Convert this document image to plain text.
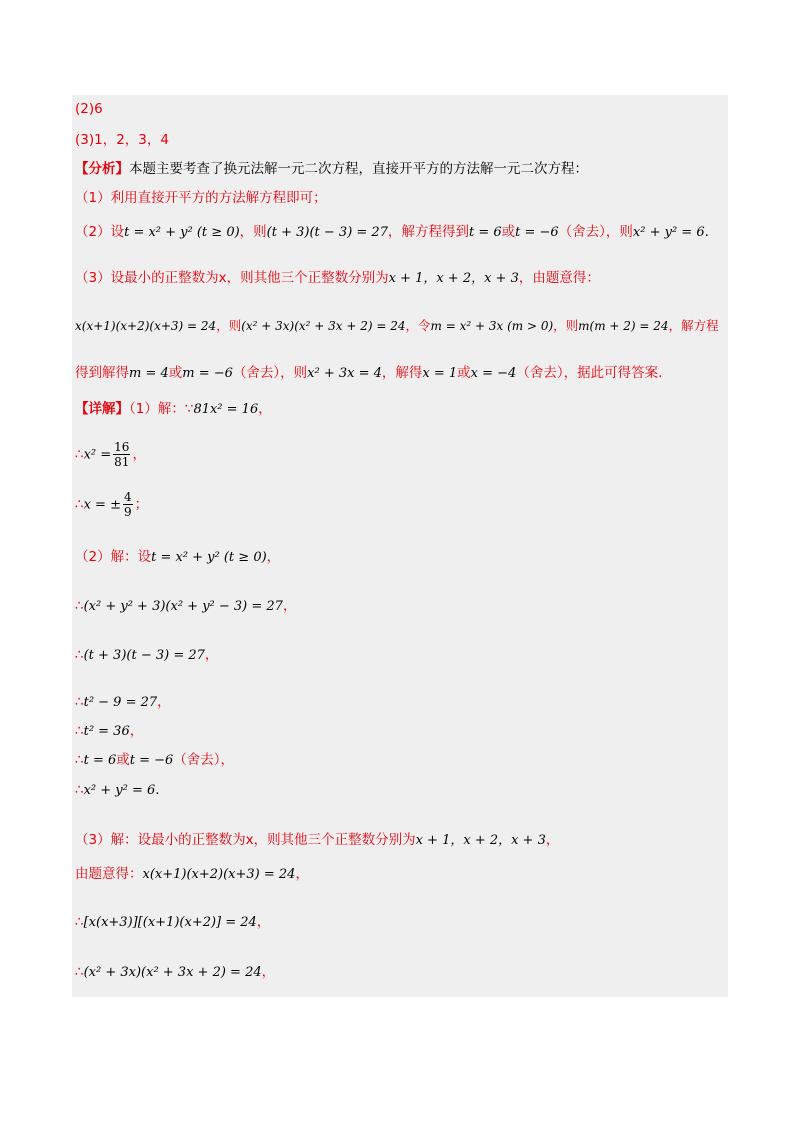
(2)6
(3)1，2，3，4
【分析】本题主要考查了换元法解一元二次方程，直接开平方的方法解一元二次方程：
（1）利用直接开平方的方法解方程即可；
（2）设t = x² + y² (t ≥ 0)，则(t + 3)(t − 3) = 27，解方程得到t = 6或t = −6（舍去），则x² + y² = 6.
（3）设最小的正整数为x，则其他三个正整数分别为x + 1，x + 2，x + 3，由题意得：
x(x+1)(x+2)(x+3) = 24，则(x² + 3x)(x² + 3x + 2) = 24，令m = x² + 3x (m > 0)，则m(m + 2) = 24，解方程
得到解得m = 4或m = −6（舍去），则x² + 3x = 4，解得x = 1或x = −4（舍去），据此可得答案.
【详解】（1）解：∵81x² = 16，
∴x² = $\frac{16}{81}$ ，
∴x = ± $\frac{4}{9}$ ；
（2）解：设t = x² + y² (t ≥ 0)，
∴(x² + y² + 3)(x² + y² − 3) = 27，
∴(t + 3)(t − 3) = 27，
∴t² − 9 = 27，
∴t² = 36，
∴t = 6或t = −6（舍去），
∴x² + y² = 6.
（3）解：设最小的正整数为x，则其他三个正整数分别为x + 1，x + 2，x + 3，
由题意得：x(x+1)(x+2)(x+3) = 24，
∴[x(x+3)][(x+1)(x+2)] = 24，
∴(x² + 3x)(x² + 3x + 2) = 24，
